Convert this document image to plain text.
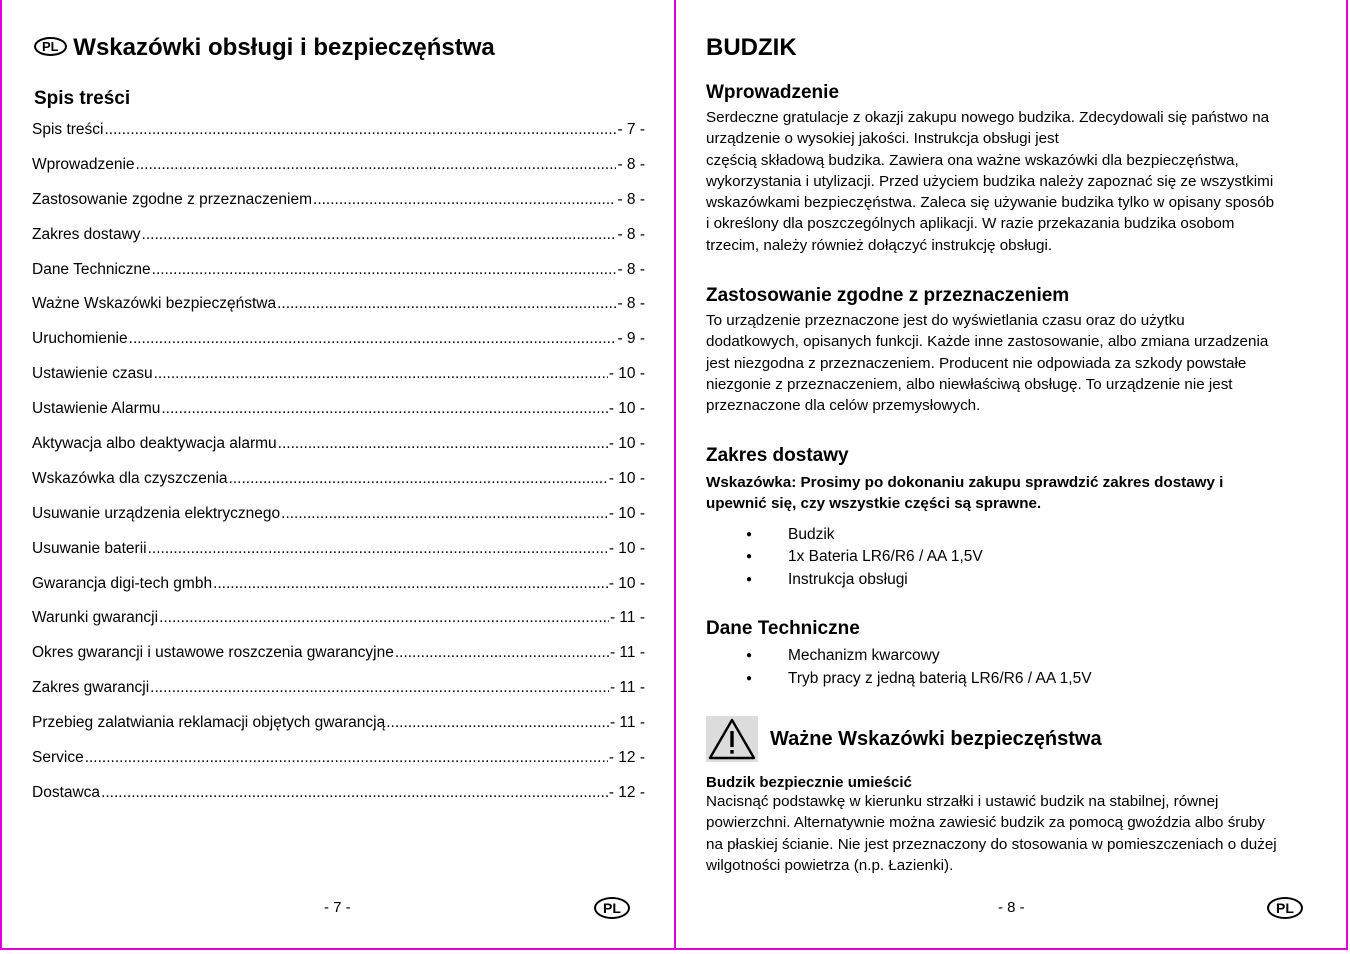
PL Wskazówki obsługi i bezpieczęństwa
Spis treści
Spis treści .....	- 7 -
Wprowadzenie .....	- 8 -
Zastosowanie zgodne z przeznaczeniem .....	- 8 -
Zakres dostawy .....	- 8 -
Dane Techniczne .....	- 8 -
Ważne Wskazówki bezpieczęństwa .....	- 8 -
Uruchomienie .....	- 9 -
Ustawienie czasu .....	- 10 -
Ustawienie Alarmu .....	- 10 -
Aktywacja albo deaktywacja alarmu .....	- 10 -
Wskazówka dla czyszczenia .....	- 10 -
Usuwanie urządzenia elektrycznego .....	- 10 -
Usuwanie baterii .....	- 10 -
Gwarancja digi-tech gmbh .....	- 10 -
Warunki gwarancji .....	- 11 -
Okres gwarancji i ustawowe roszczenia gwarancyjne .....	- 11 -
Zakres gwarancji .....	- 11 -
Przebieg zalatwiania reklamacji objętych gwarancją .....	- 11 -
Service .....	- 12 -
Dostawca .....	- 12 -
- 7 -	PL
BUDZIK
Wprowadzenie

Serdeczne gratulacje z okazji zakupu nowego budzika. Zdecydowali się państwo na

urządzenie o wysokiej jakości. Instrukcja obsługi jest

częścią składową budzika. Zawiera ona ważne wskazówki dla bezpieczęństwa,

wykorzystania i utylizacji. Przed użyciem budzika należy zapoznać się ze wszystkimi

wskazówkami bezpieczęństwa. Zaleca się używanie budzika tylko w opisany sposób

i określony dla poszczególnych aplikacji. W razie przekazania budzika osobom

trzecim, należy również dołączyć instrukcję obsługi.

Zastosowanie zgodne z przeznaczeniem

To urządzenie przeznaczone jest do wyświetlania czasu oraz do użytku

dodatkowych, opisanych funkcji. Każde inne zastosowanie, albo zmiana urzadzenia

jest niezgodna z przeznaczeniem. Producent nie odpowiada za szkody powstałe

niezgonie z przeznaczeniem, albo niewłaściwą obsługę. To urządzenie nie jest

przeznaczone dla celów przemysłowych.

Zakres dostawy

Wskazówka: Prosimy po dokonaniu zakupu sprawdzić zakres dostawy i

upewnić się, czy wszystkie części są sprawne.

● Budzik
● 1x Bateria LR6/R6 / AA 1,5V
● Instrukcja obsługi
Dane Techniczne
● Mechanizm kwarcowy
● Tryb pracy z jedną baterią LR6/R6 / AA 1,5V
Ważne Wskazówki bezpieczęństwa
Budzik bezpiecznie umieścić

Nacisnąć podstawkę w kierunku strzałki i ustawić budzik na stabilnej, równej

powierzchni. Alternatywnie można zawiesić budzik za pomocą gwoździa albo śruby

na płaskiej ścianie. Nie jest przeznaczony do stosowania w pomieszczeniach o dużej

wilgotności powietrza (n.p. Łazienki).

- 8 -	PL
